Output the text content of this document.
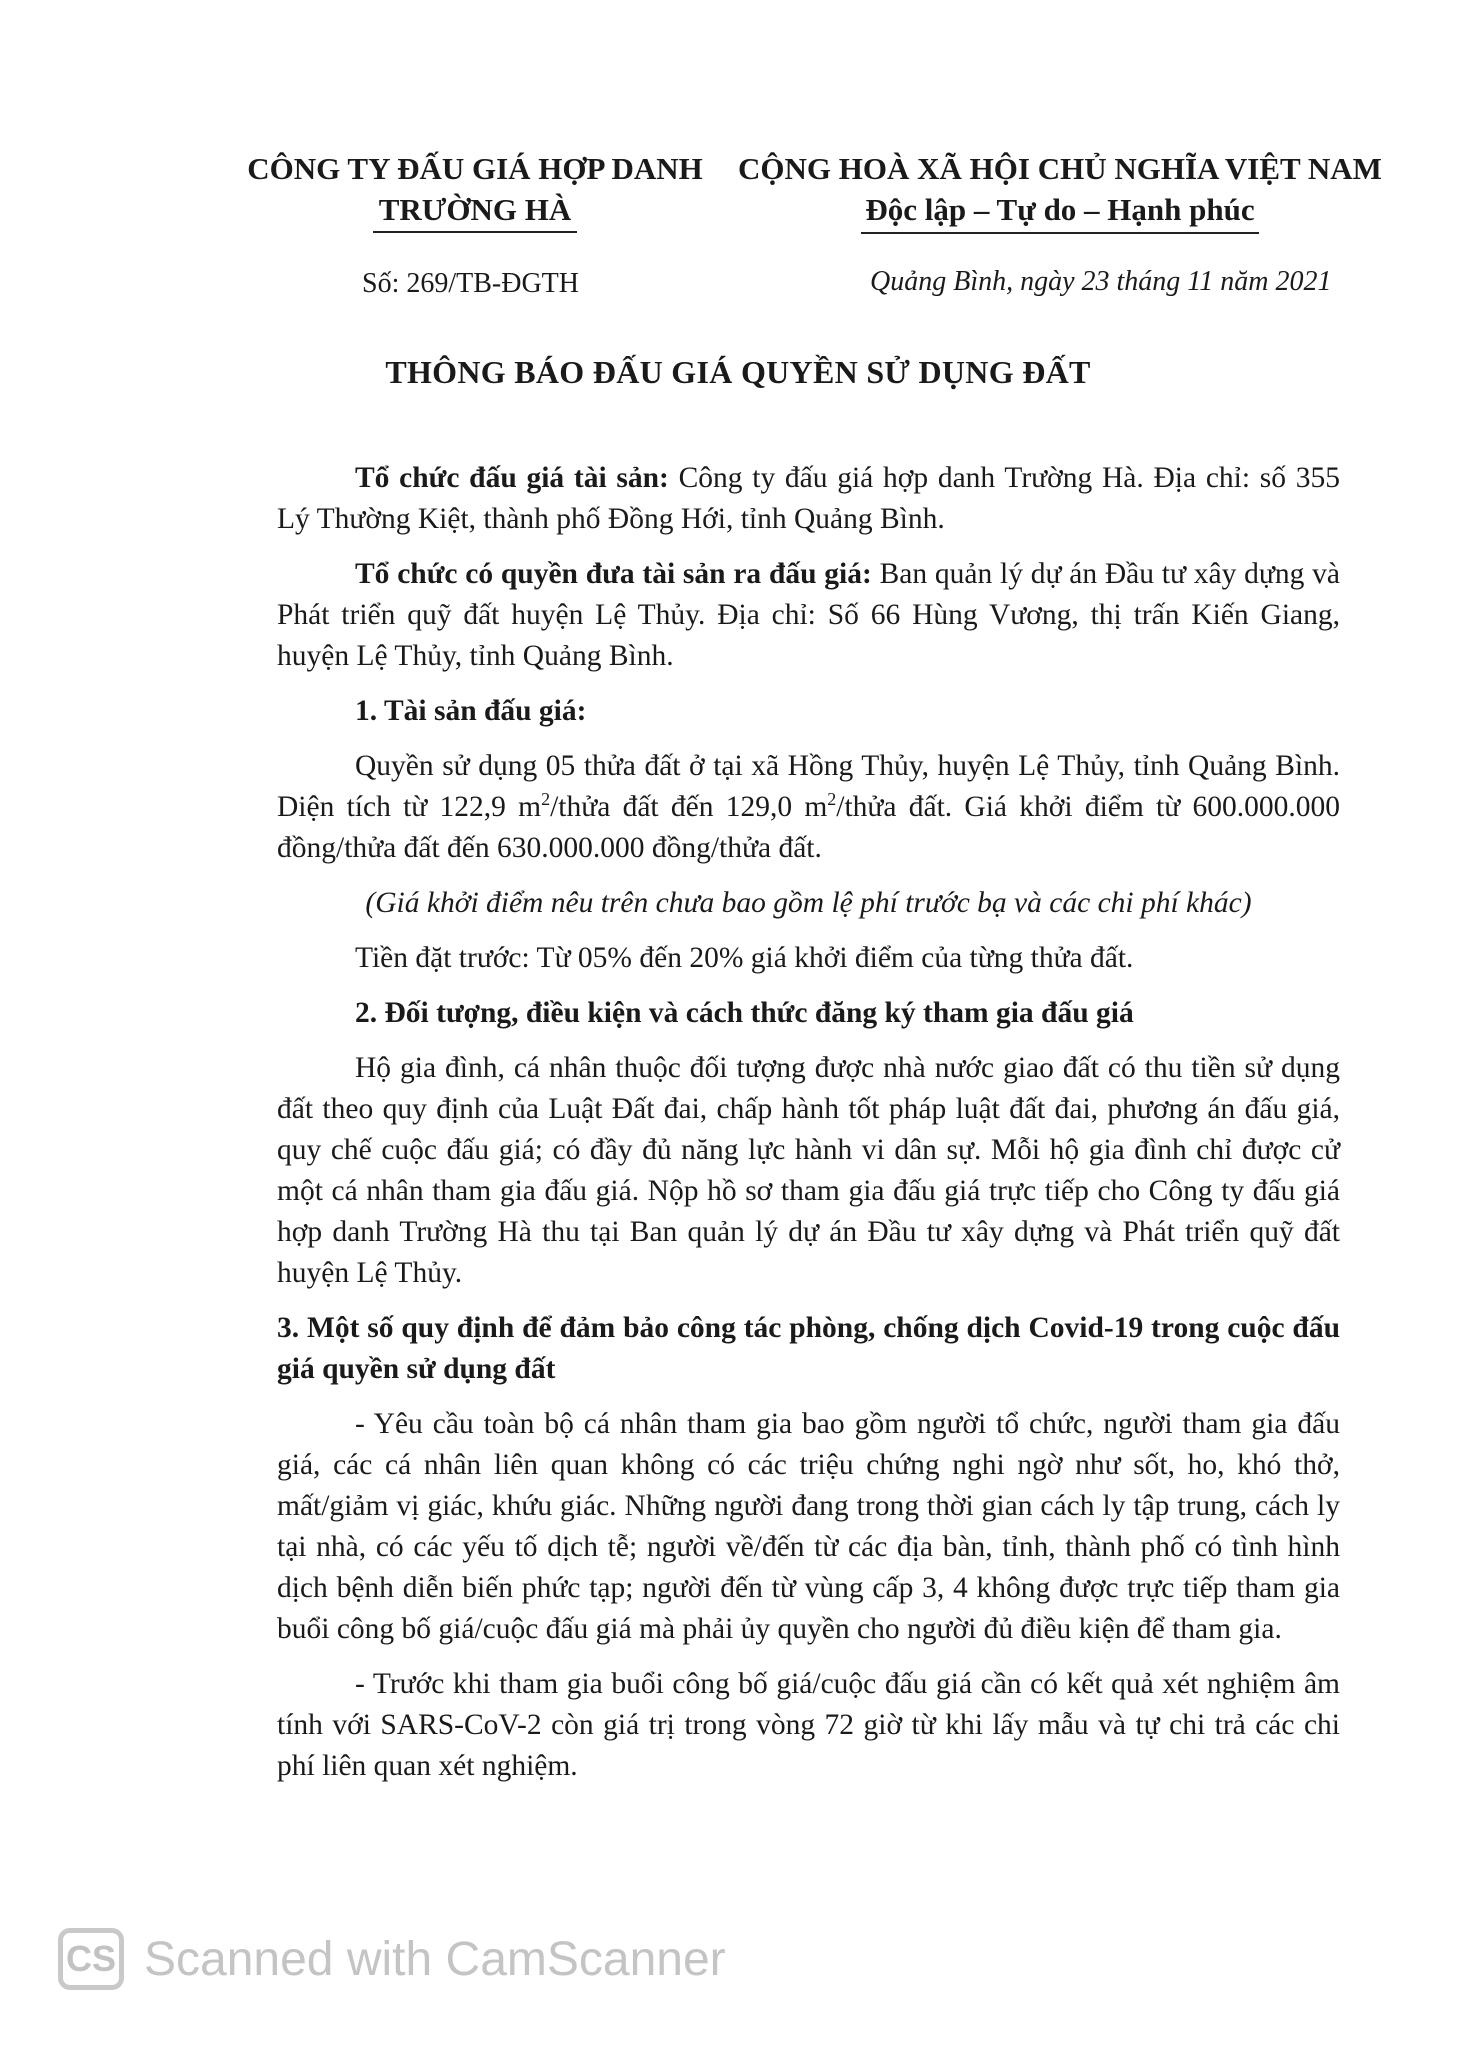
CÔNG TY ĐẤU GIÁ HỢP DANH
TRƯỜNG HÀ
CỘNG HOÀ XÃ HỘI CHỦ NGHĨA VIỆT NAM
Độc lập – Tự do – Hạnh phúc
Số: 269/TB-ĐGTH	Quảng Bình, ngày 23 tháng 11 năm 2021
THÔNG BÁO ĐẤU GIÁ QUYỀN SỬ DỤNG ĐẤT

Tổ chức đấu giá tài sản: Công ty đấu giá hợp danh Trường Hà. Địa chỉ: số 355 Lý Thường Kiệt, thành phố Đồng Hới, tỉnh Quảng Bình.

Tổ chức có quyền đưa tài sản ra đấu giá: Ban quản lý dự án Đầu tư xây dựng và Phát triển quỹ đất huyện Lệ Thủy. Địa chỉ: Số 66 Hùng Vương, thị trấn Kiến Giang, huyện Lệ Thủy, tỉnh Quảng Bình.

1. Tài sản đấu giá:

Quyền sử dụng 05 thửa đất ở tại xã Hồng Thủy, huyện Lệ Thủy, tỉnh Quảng Bình. Diện tích từ 122,9 $m^2$/thửa đất đến 129,0 $m^2$/thửa đất. Giá khởi điểm từ 600.000.000 đồng/thửa đất đến 630.000.000 đồng/thửa đất.

(Giá khởi điểm nêu trên chưa bao gồm lệ phí trước bạ và các chi phí khác)

Tiền đặt trước: Từ 05% đến 20% giá khởi điểm của từng thửa đất.

2. Đối tượng, điều kiện và cách thức đăng ký tham gia đấu giá

Hộ gia đình, cá nhân thuộc đối tượng được nhà nước giao đất có thu tiền sử dụng đất theo quy định của Luật Đất đai, chấp hành tốt pháp luật đất đai, phương án đấu giá, quy chế cuộc đấu giá; có đầy đủ năng lực hành vi dân sự. Mỗi hộ gia đình chỉ được cử một cá nhân tham gia đấu giá. Nộp hồ sơ tham gia đấu giá trực tiếp cho Công ty đấu giá hợp danh Trường Hà thu tại Ban quản lý dự án Đầu tư xây dựng và Phát triển quỹ đất huyện Lệ Thủy.

3. Một số quy định để đảm bảo công tác phòng, chống dịch Covid-19 trong cuộc đấu giá quyền sử dụng đất

- Yêu cầu toàn bộ cá nhân tham gia bao gồm người tổ chức, người tham gia đấu giá, các cá nhân liên quan không có các triệu chứng nghi ngờ như sốt, ho, khó thở, mất/giảm vị giác, khứu giác. Những người đang trong thời gian cách ly tập trung, cách ly tại nhà, có các yếu tố dịch tễ; người về/đến từ các địa bàn, tỉnh, thành phố có tình hình dịch bệnh diễn biến phức tạp; người đến từ vùng cấp 3, 4 không được trực tiếp tham gia buổi công bố giá/cuộc đấu giá mà phải ủy quyền cho người đủ điều kiện để tham gia.

- Trước khi tham gia buổi công bố giá/cuộc đấu giá cần có kết quả xét nghiệm âm tính với SARS-CoV-2 còn giá trị trong vòng 72 giờ từ khi lấy mẫu và tự chi trả các chi phí liên quan xét nghiệm.

CS Scanned with CamScanner
